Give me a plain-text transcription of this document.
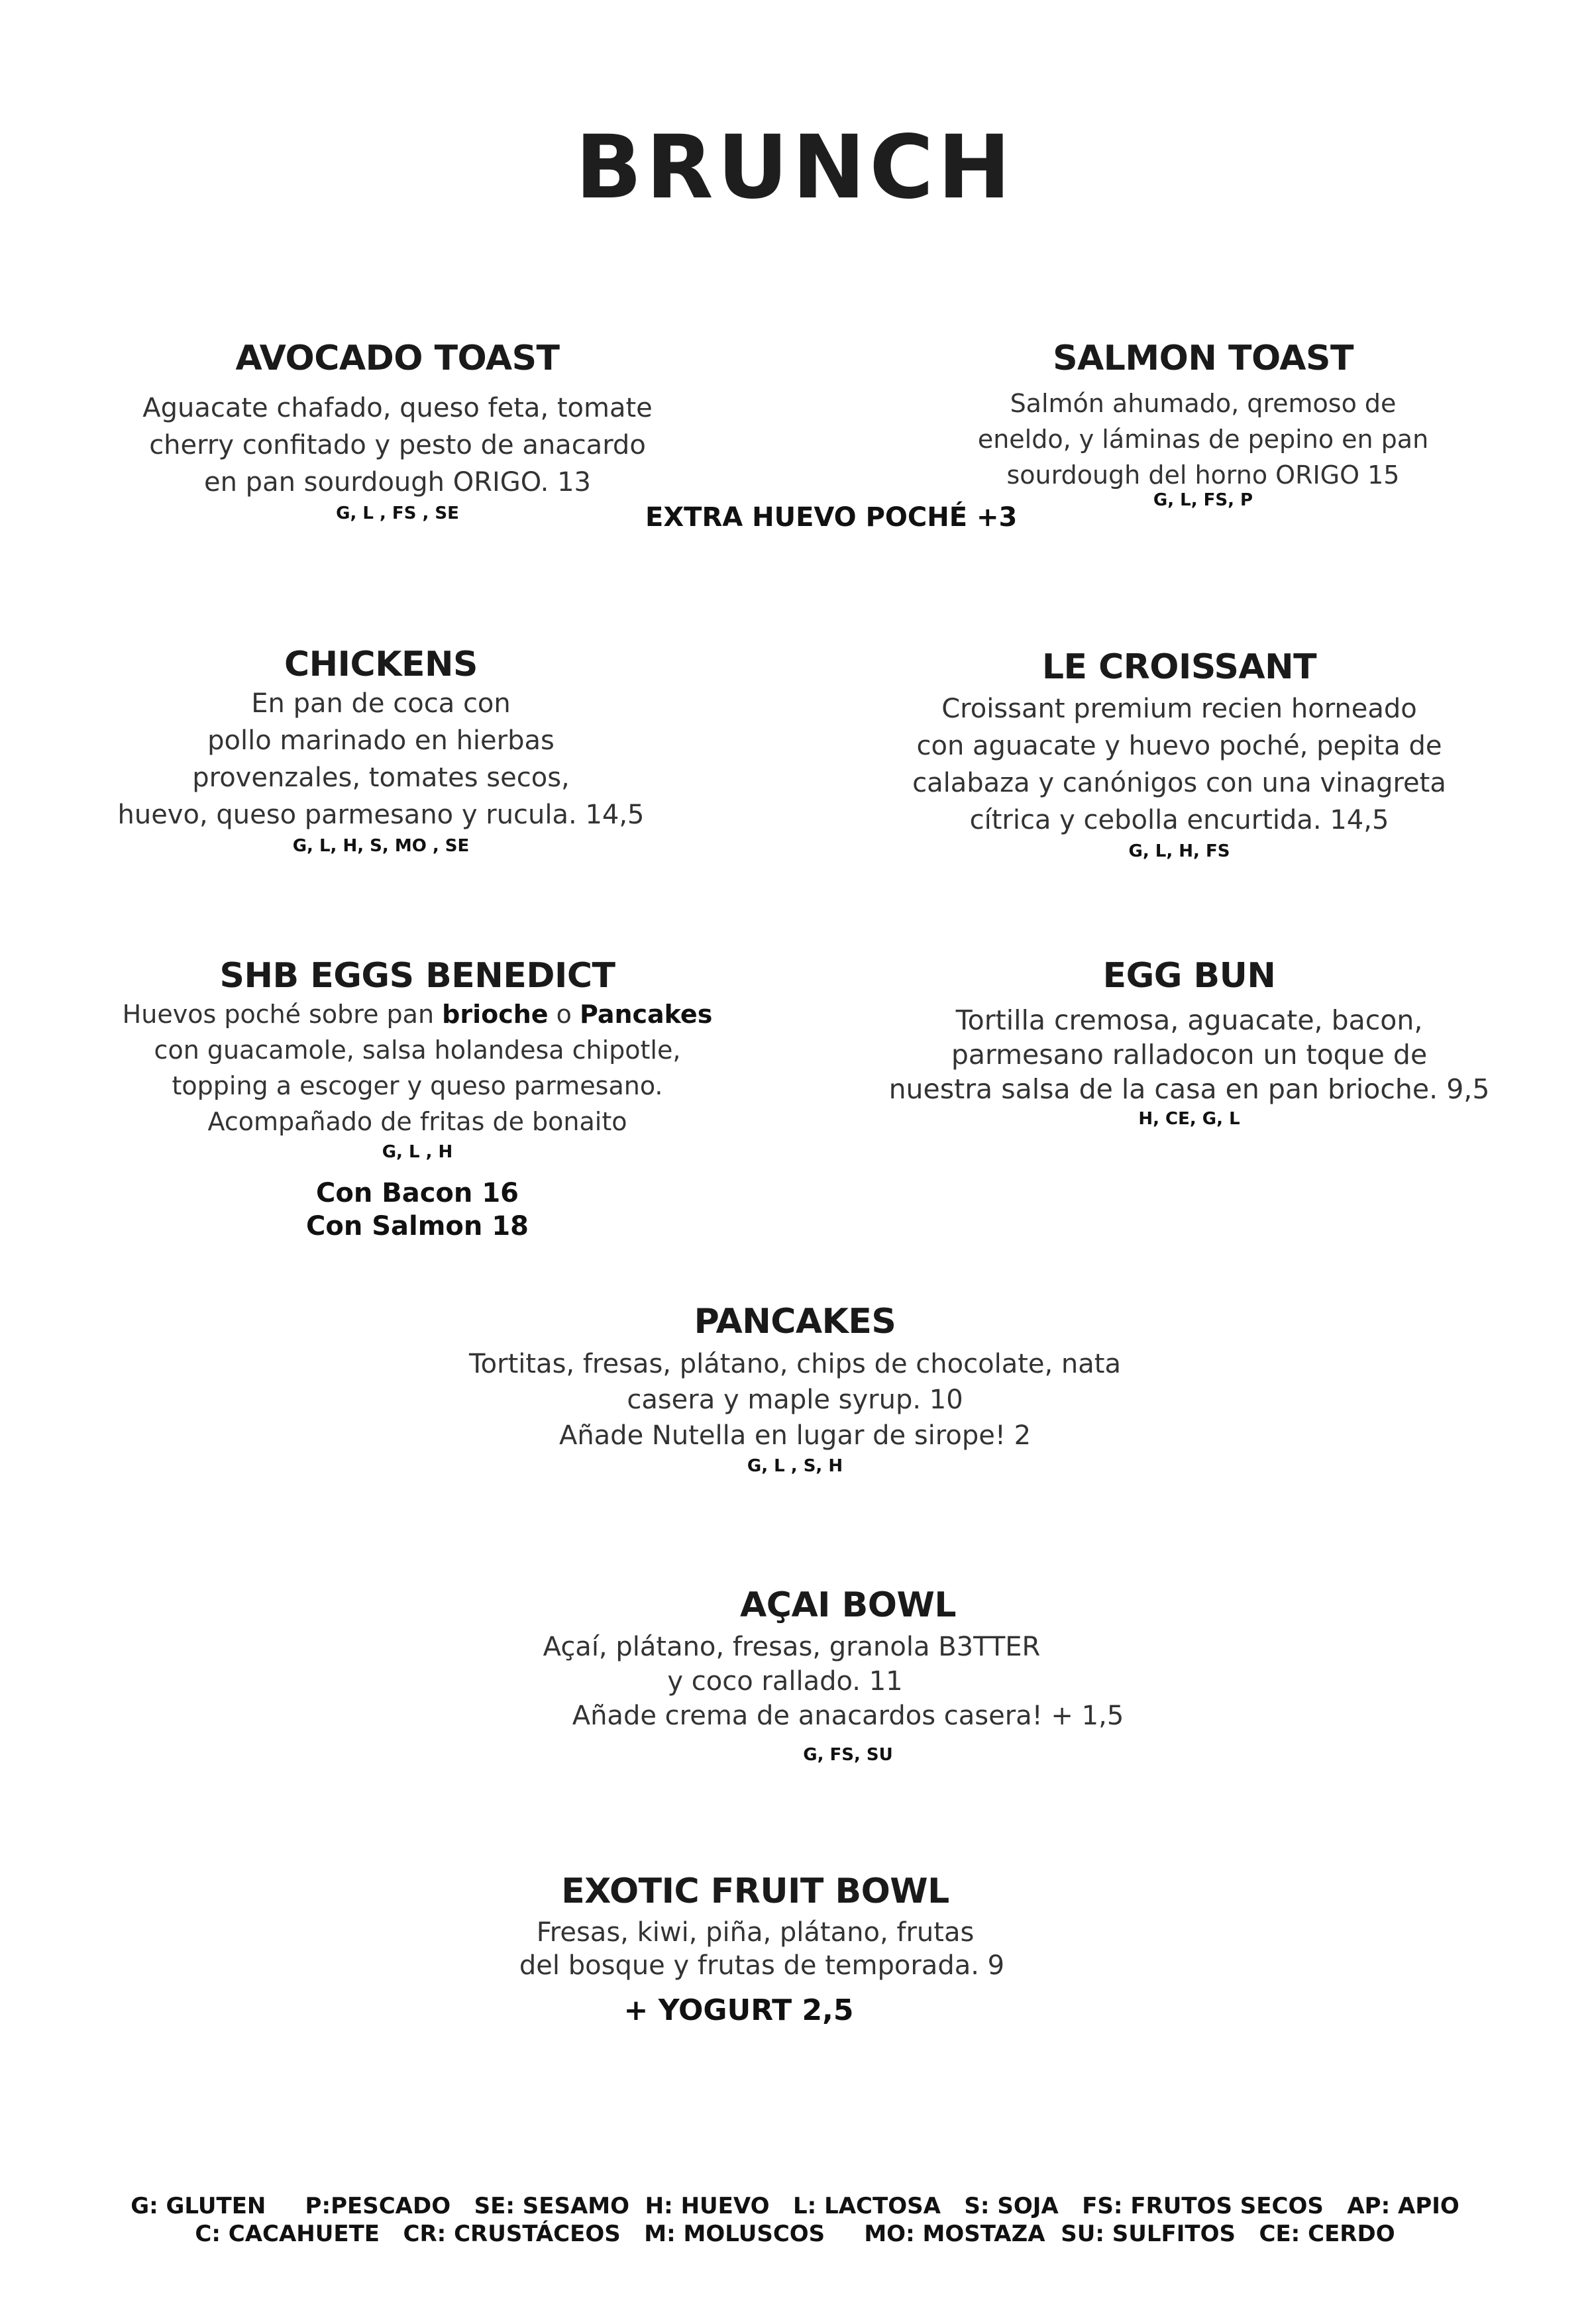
BRUNCH
AVOCADO TOAST
Aguacate chafado, queso feta, tomate
cherry confitado y pesto de anacardo
en pan sourdough ORIGO. 13
G, L , FS , SE	EXTRA HUEVO POCHÉ +3
SALMON TOAST
Salmón ahumado, qremoso de
eneldo, y láminas de pepino en pan
sourdough del horno ORIGO 15
G, L, FS, P
CHICKENS
En pan de coca con
pollo marinado en hierbas
provenzales, tomates secos,
huevo, queso parmesano y rucula. 14,5
G, L, H, S, MO , SE
LE CROISSANT
Croissant premium recien horneado
con aguacate y huevo poché, pepita de
calabaza y canónigos con una vinagreta
cítrica y cebolla encurtida. 14,5
G, L, H, FS
SHB EGGS BENEDICT
Huevos poché sobre pan brioche o Pancakes
con guacamole, salsa holandesa chipotle,
topping a escoger y queso parmesano.
Acompañado de fritas de bonaito
G, L , H
Con Bacon 16
Con Salmon 18
EGG BUN
Tortilla cremosa, aguacate, bacon,
parmesano ralladocon un toque de
nuestra salsa de la casa en pan brioche. 9,5
H, CE, G, L
PANCAKES
Tortitas, fresas, plátano, chips de chocolate, nata
casera y maple syrup. 10
Añade Nutella en lugar de sirope! 2
G, L , S, H
AÇAI BOWL
Açaí, plátano, fresas, granola B3TTER
y coco rallado. 11
Añade crema de anacardos casera! + 1,5
G, FS, SU
EXOTIC FRUIT BOWL
Fresas, kiwi, piña, plátano, frutas
del bosque y frutas de temporada. 9
+ YOGURT 2,5
G: GLUTEN     P:PESCADO   SE: SESAMO  H: HUEVO   L: LACTOSA   S: SOJA   FS: FRUTOS SECOS   AP: APIO
C: CACAHUETE   CR: CRUSTÁCEOS   M: MOLUSCOS     MO: MOSTAZA  SU: SULFITOS   CE: CERDO
